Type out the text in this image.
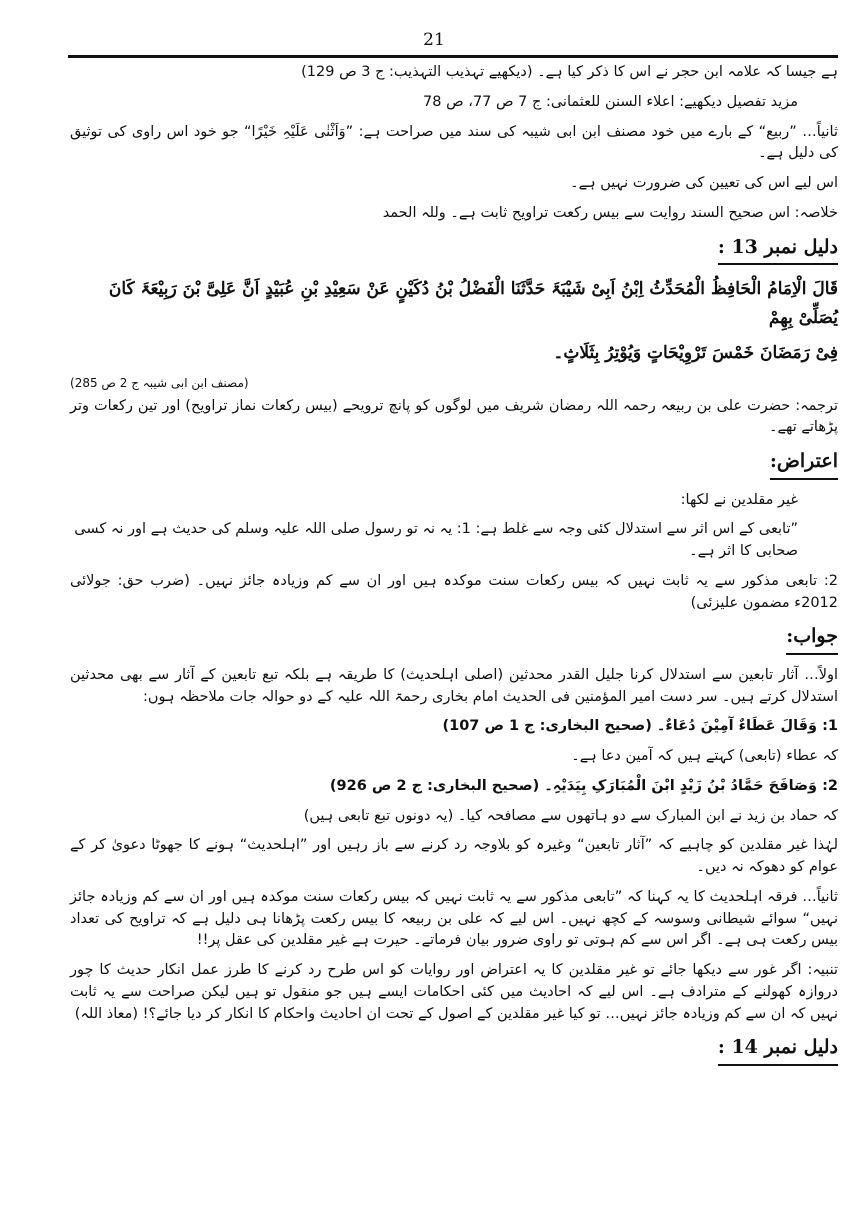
21

ہے جیسا کہ علامہ ابن حجر نے اس کا ذکر کیا ہے۔ (دیکھیے تہذیب التہذیب: ج 3 ص 129)

مزید تفصیل دیکھیے: اعلاء السنن للعثمانی: ج 7 ص 77، ص 78

ثانیاً… ”ربیع“ کے بارے میں خود مصنف ابن ابی شیبہ کی سند میں صراحت ہے: ”وَاَثْنٰی عَلَیْہِ خَیْرًا“ جو خود اس راوی کی توثیق کی دلیل ہے۔

اس لیے اس کی تعیین کی ضرورت نہیں ہے۔

خلاصہ: اس صحیح السند روایت سے بیس رکعت تراویح ثابت ہے۔ وللہ الحمد

دلیل نمبر 13 :

قَالَ الْاِمَامُ الْحَافِظُ الْمُحَدِّثُ اِبْنُ اَبِیْ شَیْبَۃَ حَدَّثَنَا الْفَضْلُ بْنُ دُکَیْنٍ عَنْ سَعِیْدِ بْنِ عُبَیْدٍ اَنَّ عَلِیَّ بْنَ رَبِیْعَۃَ کَانَ یُصَلِّیْ بِھِمْ

فِیْ رَمَضَانَ خَمْسَ تَرْوِیْحَاتٍ وَیُوْتِرُ بِثَلَاثٍ۔

(مصنف ابن ابی شیبہ ج 2 ص 285)

ترجمہ: حضرت علی بن ربیعہ رحمہ اللہ رمضان شریف میں لوگوں کو پانچ ترویحے (بیس رکعات نماز تراویح) اور تین رکعات وتر پڑھاتے تھے۔

اعتراض:

غیر مقلدین نے لکھا:

”تابعی کے اس اثر سے استدلال کئی وجہ سے غلط ہے: 1: یہ نہ تو رسول صلی اللہ علیہ وسلم کی حدیث ہے اور نہ کسی صحابی کا اثر ہے۔

2: تابعی مذکور سے یہ ثابت نہیں کہ بیس رکعات سنت موکدہ ہیں اور ان سے کم وزیادہ جائز نہیں۔ (ضرب حق: جولائی 2012ء مضمون علیزئی)

جواب:

اولاً… آثار تابعین سے استدلال کرنا جلیل القدر محدثین (اصلی اہلحدیث) کا طریقہ ہے بلکہ تبع تابعین کے آثار سے بھی محدثین استدلال کرتے ہیں۔ سر دست امیر المؤمنین فی الحدیث امام بخاری رحمۃ اللہ علیہ کے دو حوالہ جات ملاحظہ ہوں:

1: وَقَالَ عَطَاءٌ آمِیْنَ دُعَاءٌ۔ (صحیح البخاری: ج 1 ص 107)

کہ عطاء (تابعی) کہتے ہیں کہ آمین دعا ہے۔

2: وَصَافَحَ حَمَّادُ بْنُ زَیْدٍ ابْنَ الْمُبَارَکِ بِیَدَیْہِ۔ (صحیح البخاری: ج 2 ص 926)

کہ حماد بن زید نے ابن المبارک سے دو ہاتھوں سے مصافحہ کیا۔ (یہ دونوں تبع تابعی ہیں)

لہٰذا غیر مقلدین کو چاہیے کہ ”آثار تابعین“ وغیرہ کو بلاوجہ رد کرنے سے باز رہیں اور ”اہلحدیث“ ہونے کا جھوٹا دعویٰ کر کے عوام کو دھوکہ نہ دیں۔

ثانیاً… فرقہ اہلحدیث کا یہ کہنا کہ ”تابعی مذکور سے یہ ثابت نہیں کہ بیس رکعات سنت موکدہ ہیں اور ان سے کم وزیادہ جائز نہیں“ سوائے شیطانی وسوسہ کے کچھ نہیں۔ اس لیے کہ علی بن ربیعہ کا بیس رکعت پڑھانا ہی دلیل ہے کہ تراویح کی تعداد بیس رکعت ہی ہے۔ اگر اس سے کم ہوتی تو راوی ضرور بیان فرماتے۔ حیرت ہے غیر مقلدین کی عقل پر!!

تنبیہ: اگر غور سے دیکھا جائے تو غیر مقلدین کا یہ اعتراض اور روایات کو اس طرح رد کرنے کا طرز عمل انکار حدیث کا چور دروازہ کھولنے کے مترادف ہے۔ اس لیے کہ احادیث میں کئی احکامات ایسے ہیں جو منقول تو ہیں لیکن صراحت سے یہ ثابت نہیں کہ ان سے کم وزیادہ جائز نہیں… تو کیا غیر مقلدین کے اصول کے تحت ان احادیث واحکام کا انکار کر دیا جائے؟! (معاذ اللہ)

دلیل نمبر 14 :
